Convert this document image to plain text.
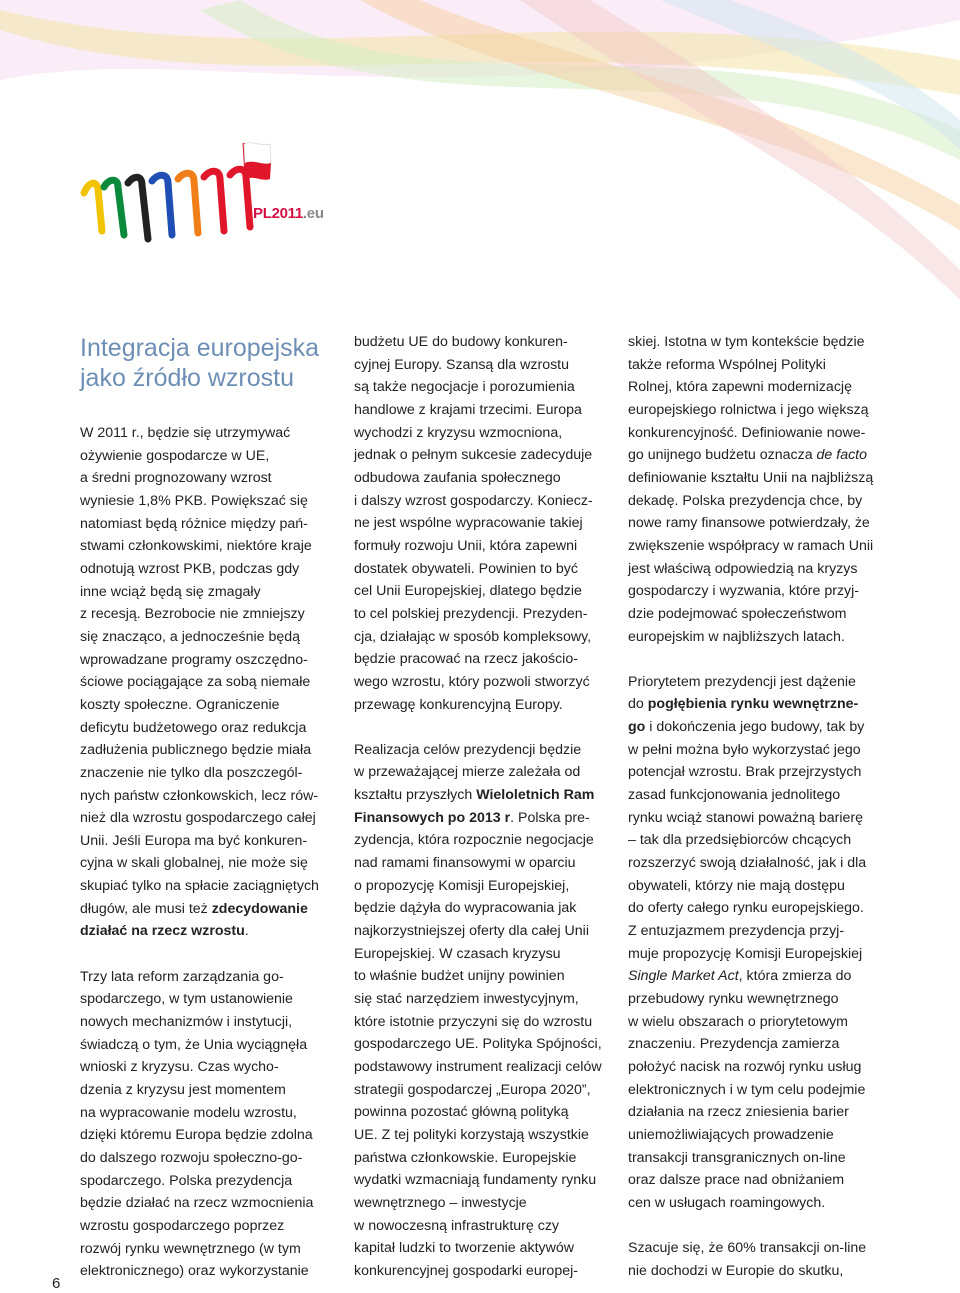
PL2011.eu
Integracja europejska
jako źródło wzrostu
W 2011 r., będzie się utrzymywać
ożywienie gospodarcze w UE,
a średni prognozowany wzrost
wyniesie 1,8% PKB. Powiększać się
natomiast będą różnice między pań-
stwami członkowskimi, niektóre kraje
odnotują wzrost PKB, podczas gdy
inne wciąż będą się zmagały
z recesją. Bezrobocie nie zmniejszy
się znacząco, a jednocześnie będą
wprowadzane programy oszczędno-
ściowe pociągające za sobą niemałe
koszty społeczne. Ograniczenie
deficytu budżetowego oraz redukcja
zadłużenia publicznego będzie miała
znaczenie nie tylko dla poszczegól-
nych państw członkowskich, lecz rów-
nież dla wzrostu gospodarczego całej
Unii. Jeśli Europa ma być konkuren-
cyjna w skali globalnej, nie może się
skupiać tylko na spłacie zaciągniętych
długów, ale musi też zdecydowanie
działać na rzecz wzrostu.
Trzy lata reform zarządzania go-
spodarczego, w tym ustanowienie
nowych mechanizmów i instytucji,
świadczą o tym, że Unia wyciągnęła
wnioski z kryzysu. Czas wycho-
dzenia z kryzysu jest momentem
na wypracowanie modelu wzrostu,
dzięki któremu Europa będzie zdolna
do dalszego rozwoju społeczno-go-
spodarczego. Polska prezydencja
będzie działać na rzecz wzmocnienia
wzrostu gospodarczego poprzez
rozwój rynku wewnętrznego (w tym
elektronicznego) oraz wykorzystanie
budżetu UE do budowy konkuren-
cyjnej Europy. Szansą dla wzrostu
są także negocjacje i porozumienia
handlowe z krajami trzecimi. Europa
wychodzi z kryzysu wzmocniona,
jednak o pełnym sukcesie zadecyduje
odbudowa zaufania społecznego
i dalszy wzrost gospodarczy. Koniecz-
ne jest wspólne wypracowanie takiej
formuły rozwoju Unii, która zapewni
dostatek obywateli. Powinien to być
cel Unii Europejskiej, dlatego będzie
to cel polskiej prezydencji. Prezyden-
cja, działając w sposób kompleksowy,
będzie pracować na rzecz jakościo-
wego wzrostu, który pozwoli stworzyć
przewagę konkurencyjną Europy.
Realizacja celów prezydencji będzie
w przeważającej mierze zależała od
kształtu przyszłych Wieloletnich Ram
Finansowych po 2013 r. Polska pre-
zydencja, która rozpocznie negocjacje
nad ramami finansowymi w oparciu
o propozycję Komisji Europejskiej,
będzie dążyła do wypracowania jak
najkorzystniejszej oferty dla całej Unii
Europejskiej. W czasach kryzysu
to właśnie budżet unijny powinien
się stać narzędziem inwestycyjnym,
które istotnie przyczyni się do wzrostu
gospodarczego UE. Polityka Spójności,
podstawowy instrument realizacji celów
strategii gospodarczej „Europa 2020”,
powinna pozostać główną polityką
UE. Z tej polityki korzystają wszystkie
państwa członkowskie. Europejskie
wydatki wzmacniają fundamenty rynku
wewnętrznego – inwestycje
w nowoczesną infrastrukturę czy
kapitał ludzki to tworzenie aktywów
konkurencyjnej gospodarki europej-
skiej. Istotna w tym kontekście będzie
także reforma Wspólnej Polityki
Rolnej, która zapewni modernizację
europejskiego rolnictwa i jego większą
konkurencyjność. Definiowanie nowe-
go unijnego budżetu oznacza de facto
definiowanie kształtu Unii na najbliższą
dekadę. Polska prezydencja chce, by
nowe ramy finansowe potwierdzały, że
zwiększenie współpracy w ramach Unii
jest właściwą odpowiedzią na kryzys
gospodarczy i wyzwania, które przyj-
dzie podejmować społeczeństwom
europejskim w najbliższych latach.
Priorytetem prezydencji jest dążenie
do pogłębienia rynku wewnętrzne-
go i dokończenia jego budowy, tak by
w pełni można było wykorzystać jego
potencjał wzrostu. Brak przejrzystych
zasad funkcjonowania jednolitego
rynku wciąż stanowi poważną barierę
– tak dla przedsiębiorców chcących
rozszerzyć swoją działalność, jak i dla
obywateli, którzy nie mają dostępu
do oferty całego rynku europejskiego.
Z entuzjazmem prezydencja przyj-
muje propozycję Komisji Europejskiej
Single Market Act, która zmierza do
przebudowy rynku wewnętrznego
w wielu obszarach o priorytetowym
znaczeniu. Prezydencja zamierza
położyć nacisk na rozwój rynku usług
elektronicznych i w tym celu podejmie
działania na rzecz zniesienia barier
uniemożliwiających prowadzenie
transakcji transgranicznych on-line
oraz dalsze prace nad obniżaniem
cen w usługach roamingowych.
Szacuje się, że 60% transakcji on-line
nie dochodzi w Europie do skutku,
6
